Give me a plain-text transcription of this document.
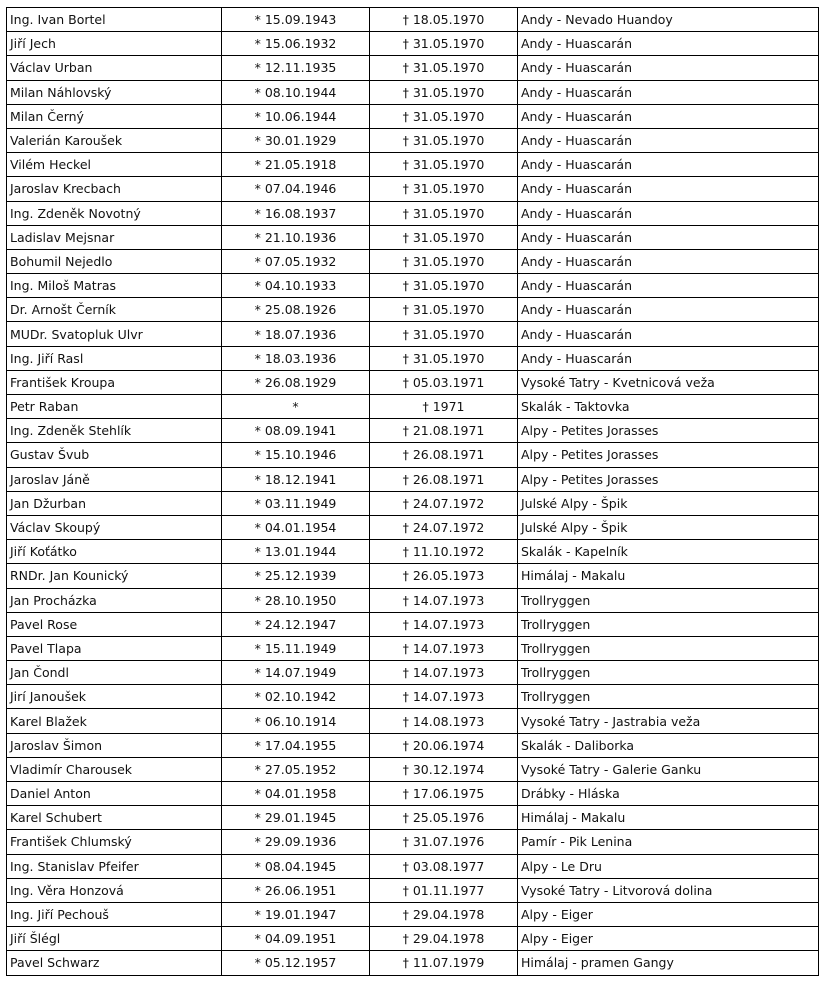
Ing. Ivan Bortel	* 15.09.1943	† 18.05.1970	Andy - Nevado Huandoy
Jiří Jech	* 15.06.1932	† 31.05.1970	Andy - Huascarán
Václav Urban	* 12.11.1935	† 31.05.1970	Andy - Huascarán
Milan Náhlovský	* 08.10.1944	† 31.05.1970	Andy - Huascarán
Milan Černý	* 10.06.1944	† 31.05.1970	Andy - Huascarán
Valerián Karoušek	* 30.01.1929	† 31.05.1970	Andy - Huascarán
Vilém Heckel	* 21.05.1918	† 31.05.1970	Andy - Huascarán
Jaroslav Krecbach	* 07.04.1946	† 31.05.1970	Andy - Huascarán
Ing. Zdeněk Novotný	* 16.08.1937	† 31.05.1970	Andy - Huascarán
Ladislav Mejsnar	* 21.10.1936	† 31.05.1970	Andy - Huascarán
Bohumil Nejedlo	* 07.05.1932	† 31.05.1970	Andy - Huascarán
Ing. Miloš Matras	* 04.10.1933	† 31.05.1970	Andy - Huascarán
Dr. Arnošt Černík	* 25.08.1926	† 31.05.1970	Andy - Huascarán
MUDr. Svatopluk Ulvr	* 18.07.1936	† 31.05.1970	Andy - Huascarán
Ing. Jiří Rasl	* 18.03.1936	† 31.05.1970	Andy - Huascarán
František Kroupa	* 26.08.1929	† 05.03.1971	Vysoké Tatry - Kvetnicová veža
Petr Raban	*	† 1971	Skalák - Taktovka
Ing. Zdeněk Stehlík	* 08.09.1941	† 21.08.1971	Alpy - Petites Jorasses
Gustav Švub	* 15.10.1946	† 26.08.1971	Alpy - Petites Jorasses
Jaroslav Jáně	* 18.12.1941	† 26.08.1971	Alpy - Petites Jorasses
Jan Džurban	* 03.11.1949	† 24.07.1972	Julské Alpy - Špik
Václav Skoupý	* 04.01.1954	† 24.07.1972	Julské Alpy - Špik
Jiří Koťátko	* 13.01.1944	† 11.10.1972	Skalák - Kapelník
RNDr. Jan Kounický	* 25.12.1939	† 26.05.1973	Himálaj - Makalu
Jan Procházka	* 28.10.1950	† 14.07.1973	Trollryggen
Pavel Rose	* 24.12.1947	† 14.07.1973	Trollryggen
Pavel Tlapa	* 15.11.1949	† 14.07.1973	Trollryggen
Jan Čondl	* 14.07.1949	† 14.07.1973	Trollryggen
Jirí Janoušek	* 02.10.1942	† 14.07.1973	Trollryggen
Karel Blažek	* 06.10.1914	† 14.08.1973	Vysoké Tatry - Jastrabia veža
Jaroslav Šimon	* 17.04.1955	† 20.06.1974	Skalák - Daliborka
Vladimír Charousek	* 27.05.1952	† 30.12.1974	Vysoké Tatry - Galerie Ganku
Daniel Anton	* 04.01.1958	† 17.06.1975	Drábky - Hláska
Karel Schubert	* 29.01.1945	† 25.05.1976	Himálaj - Makalu
František Chlumský	* 29.09.1936	† 31.07.1976	Pamír - Pik Lenina
Ing. Stanislav Pfeifer	* 08.04.1945	† 03.08.1977	Alpy - Le Dru
Ing. Věra Honzová	* 26.06.1951	† 01.11.1977	Vysoké Tatry - Litvorová dolina
Ing. Jiří Pechouš	* 19.01.1947	† 29.04.1978	Alpy - Eiger
Jiří Šlégl	* 04.09.1951	† 29.04.1978	Alpy - Eiger
Pavel Schwarz	* 05.12.1957	† 11.07.1979	Himálaj - pramen Gangy
